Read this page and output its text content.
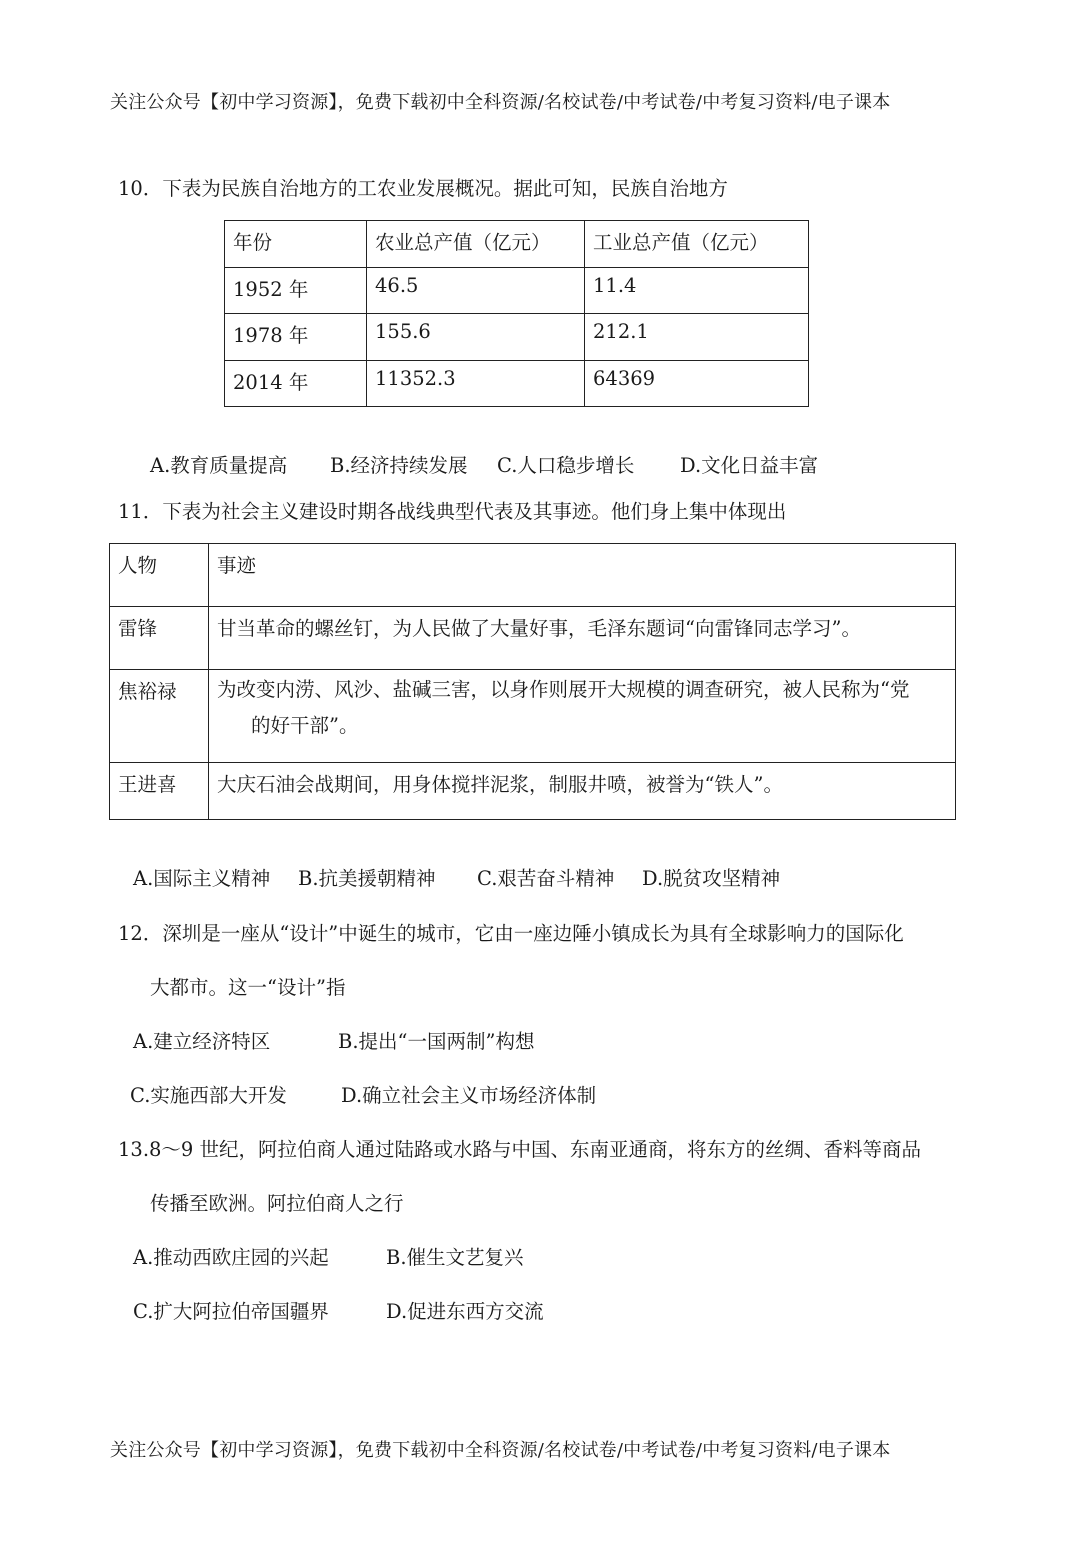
关注公众号【初中学习资源】，免费下载初中全科资源/名校试卷/中考试卷/中考复习资料/电子课本
10．下表为民族自治地方的工农业发展概况。据此可知，民族自治地方
年份	农业总产值（亿元）	工业总产值（亿元）
1952 年	46.5	11.4
1978 年	155.6	212.1
2014 年	11352.3	64369
A.教育质量提高 B.经济持续发展 C.人口稳步增长 D.文化日益丰富
11．下表为社会主义建设时期各战线典型代表及其事迹。他们身上集中体现出
人物	事迹
雷锋	甘当革命的螺丝钉，为人民做了大量好事，毛泽东题词“向雷锋同志学习”。
焦裕禄	为改变内涝、风沙、盐碱三害，以身作则展开大规模的调查研究，被人民称为“党
的好干部”。

王进喜	大庆石油会战期间，用身体搅拌泥浆，制服井喷，被誉为“铁人”。
A.国际主义精神 B.抗美援朝精神 C.艰苦奋斗精神 D.脱贫攻坚精神
12．深圳是一座从“设计”中诞生的城市，它由一座边陲小镇成长为具有全球影响力的国际化
大都市。这一“设计”指
A.建立经济特区	B.提出“一国两制”构想
C.实施西部大开发	D.确立社会主义市场经济体制
13.8～9 世纪，阿拉伯商人通过陆路或水路与中国、东南亚通商，将东方的丝绸、香料等商品
传播至欧洲。阿拉伯商人之行
A.推动西欧庄园的兴起	B.催生文艺复兴
C.扩大阿拉伯帝国疆界	D.促进东西方交流
关注公众号【初中学习资源】，免费下载初中全科资源/名校试卷/中考试卷/中考复习资料/电子课本
